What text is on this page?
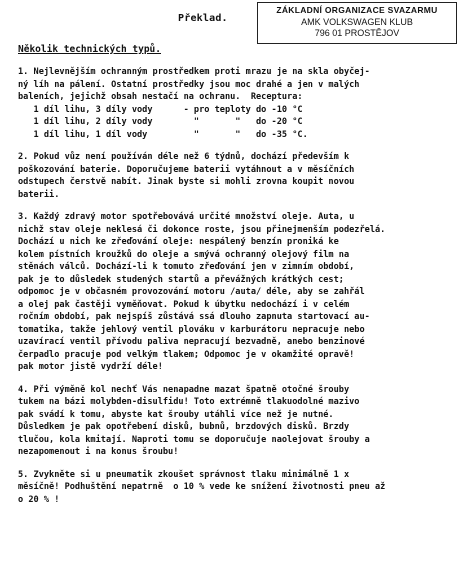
Překlad.
ZÁKLADNÍ ORGANIZACE SVAZARMU
AMK VOLKSWAGEN KLUB
796 01 PROSTĚJOV
Několik technických typů.
1. Nejlevnějším ochranným prostředkem proti mrazu je na skla obyčej-
ný líh na pálení. Ostatní prostředky jsou moc drahé a jen v malých
baleních, jejichž obsah nestačí na ochranu.  Receptura:
1 díl lihu, 3 díly vody      - pro teploty do -10 °C
1 díl lihu, 2 díly vody        "       "   do -20 °C
1 díl lihu, 1 díl vody         "       "   do -35 °C.
2. Pokud vůz není používán déle než 6 týdnů, dochází především k
poškozování baterie. Doporučujeme baterii vytáhnout a v měsíčních
odstupech čerstvě nabít. Jinak byste si mohli zrovna koupit novou
baterii.
3. Každý zdravý motor spotřebovává určité množství oleje. Auta, u
nichž stav oleje neklesá či dokonce roste, jsou přinejmenším podezřelá.
Dochází u nich ke zřeďování oleje: nespálený benzín proniká ke
kolem pístních kroužků do oleje a smývá ochranný olejový film na
stěnách válců. Dochází-li k tomuto zřeďování jen v zimním období,
pak je to důsledek studených startů a převážných krátkých cest;
odpomoc je v občasném provozování motoru /auta/ déle, aby se zahřál
a olej pak častěji vyměňovat. Pokud k úbytku nedochází i v celém
ročním období, pak nejspíš zůstává ssá dlouho zapnuta startovací au-
tomatika, takže jehlový ventil plováku v karburátoru nepracuje nebo
uzavírací ventil přívodu paliva nepracují bezvadně, anebo benzinové
čerpadlo pracuje pod velkým tlakem; Odpomoc je v okamžité opravě!
pak motor jistě vydrží déle!
4. Při výměně kol nechť Vás nenapadne mazat špatně otočné šrouby
tukem na bázi molybden-disulfidu! Toto extrémně tlakuodolné mazivo
pak svádí k tomu, abyste kat šrouby utáhli více než je nutné.
Důsledkem je pak opotřebení disků, bubnů, brzdových disků. Brzdy
tlučou, kola kmitají. Naproti tomu se doporučuje naolejovat šrouby a
nezapomenout i na konus šroubu!
5. Zvykněte si u pneumatik zkoušet správnost tlaku minimálně 1 x
měsíčně! Podhuštění nepatrně  o 10 % vede ke snížení životnosti pneu až
o 20 % !
